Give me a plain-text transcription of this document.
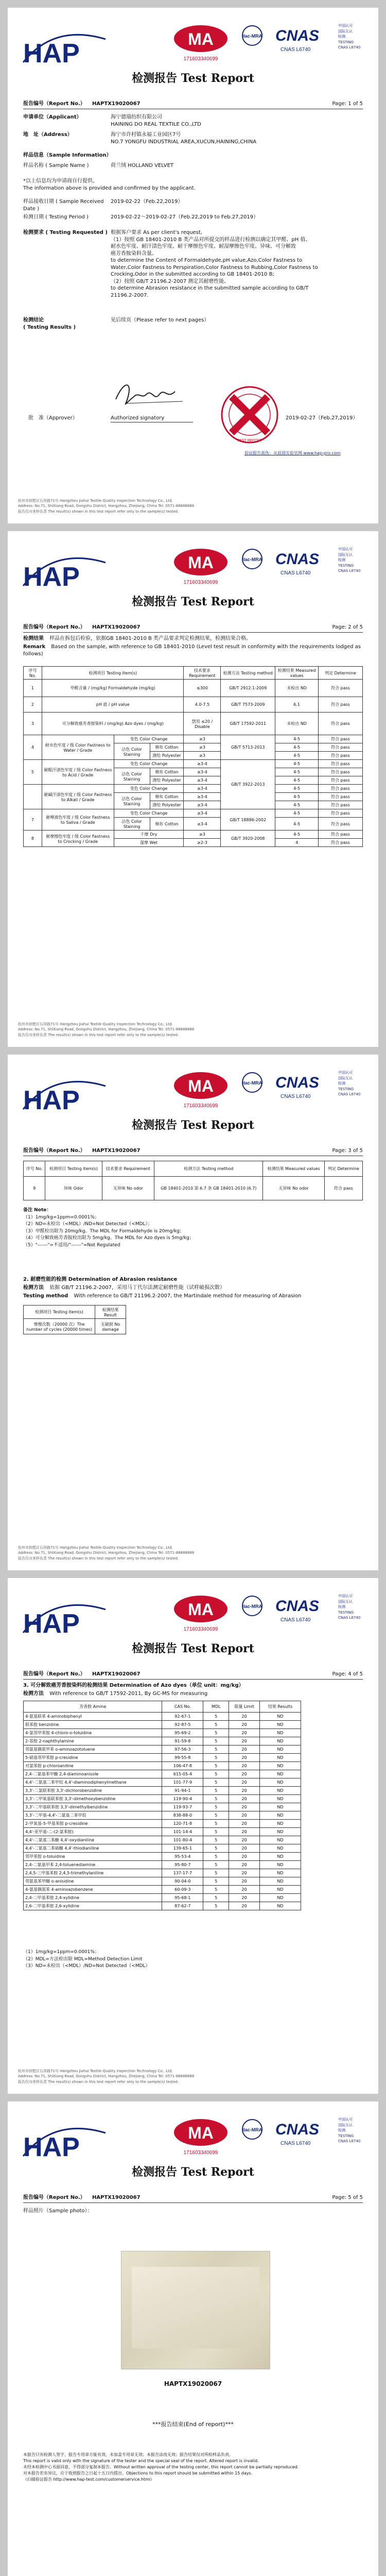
HAP	MA
171603340699
ilac-MRA CNAS
CNAS L6740
中国认可
国际互认
检测
TESTING
CNAS L6740
检测报告 Test Report
报告编号（Report No.） HAPTX19020067	Page: 1 of 5
申请单位（Applicant）	海宁德瑞纺织有限公司
HAINING DO REAL TEXTILE CO.,LTD
地　址（Address）	海宁市许村镇永福工业园区7号
NO.7 YONGFU INDUSTRIAL AREA,XUCUN,HAINING,CHINA
样品信息（Sample Information）
样品名称 ( Sample Name )	荷兰绒 HOLLAND VELVET
*以上信息均为申请商自行提供。
The information above is provided and confirmed by the applicant.
样品接收日期 ( Sample Received Date )
2019-02-22（Feb.22,2019）
检测日期 ( Testing Period )	2019-02-22～2019-02-27（Feb.22,2019 to Feb.27,2019）
检测要求 ( Testing Requested ) 根据客户要求 As per client's request,
（1）按照 GB 18401-2010 B 类产品对所提交的样品进行检测以确定其甲醛、pH 值、
耐水色牢度、耐汗渍色牢度、耐干摩擦色牢度、耐湿摩擦色牢度、异味、可分解致
癌芳香胺染料含量。
to determine the Content of Formaldehyde,pH value,Azo,Color Fastness to
Water,Color Fastness to Perspiration,Color Fastness to Rubbing,Color Fastness to
Crocking,Odor in the submitted according to GB 18401-2010 B;
（2）按照 GB/T 21196.2-2007 测定其耐磨性能。
to determine Abrasion resistance in the submitted sample according to GB/T
21196.2-2007.
检测结论
( Testing Results )
见后续页（Please refer to next pages）
批　准（Approver）	Authorized signatory
TEST REPORT
2019-02-27（Feb.27,2019）
验证报告真伪：从底部实验官网 www.hap-pro.com
杭州市拱墅区石祥路71号 Hangzhou Jiahui Textile Quality Inspection Technology Co., Ltd.
Address: No.71, ShiXiang Road, Gongshu District, Hangzhou, Zhejiang, China Tel: 0571-88888888
报告仅对来样负责 The result(s) shown in this test report refer only to the sample(s) tested.
HAP	MA
171603340699
ilac-MRA CNAS
CNAS L6740
中国认可
国际互认
检测
TESTING
CNAS L6740
检测报告 Test Report
报告编号（Report No.） HAPTX19020067	Page: 2 of 5
检测结果 样品在拆包后检验，依据GB 18401-2010 B 类产品要求判定检测结果，检测结果合格。
Remark Based on the sample, with reference to GB 18401-2010 (Level test result in conformity with the requirements lodged as follows)
序号 No.	检测项目 Testing item(s)			技术要求 Requirement	检测方法 Testing method	检测结果 Measured values	判定 Determine
1	甲醛含量 / (mg/kg) Formaldehyde (mg/kg)			≤300	GB/T 2912.1-2009	未检出 ND	符合 pass
2	pH 值 / pH value			4.0-7.5	GB/T 7573-2009	6.1	符合 pass
3	可分解致癌芳香胺染料 / (mg/kg) Azo dyes / (mg/kg)			禁用 ≤20 / Disable	GB/T 17592-2011	未检出 ND	符合 pass
4	耐水色牢度 / 级 Color Fastness to Water / Grade	变色 Color Change		≥3	GB/T 5713-2013	4-5	符合 pass
		沾色 Color Staining	棉布 Cotton	≥3		4-5	符合 pass
			涤纶 Polyester	≥3		4-5	符合 pass
5	耐酸汗渍色牢度 / 级 Color Fastness to Acid / Grade	变色 Color Change		≥3-4	GB/T 3922-2013	4-5	符合 pass
		沾色 Color Staining	棉布 Cotton	≥3-4		4-5	符合 pass
			涤纶 Polyester	≥3-4		4-5	符合 pass
	耐碱汗渍色牢度 / 级 Color Fastness to Alkali / Grade	变色 Color Change		≥3-4		4-5	符合 pass
		沾色 Color Staining	棉布 Cotton	≥3-4		4-5	符合 pass
			涤纶 Polyester	≥3-4		4-5	符合 pass
7	耐唾液色牢度 / 级 Color Fastness to Saliva / Grade	变色 Color Change		≥3-4	GB/T 18886-2002	4-5	符合 pass
		沾色 Color Staining	棉布 Cotton	≥3-4		4-5	符合 pass
8	耐摩擦色牢度 / 级 Color Fastness to Crocking / Grade	干摩 Dry		≥3	GB/T 3920-2008	4-5	符合 pass
		湿摩 Wet		≥2-3		4	符合 pass
杭州市拱墅区石祥路71号 Hangzhou Jiahui Textile Quality Inspection Technology Co., Ltd.
Address: No.71, ShiXiang Road, Gongshu District, Hangzhou, Zhejiang, China Tel: 0571-88888888
报告仅对来样负责 The result(s) shown in this test report refer only to the sample(s) tested.
HAP	MA
171603340699
ilac-MRA CNAS
CNAS L6740
中国认可
国际互认
检测
TESTING
CNAS L6740
检测报告 Test Report
报告编号（Report No.） HAPTX19020067	Page: 3 of 5
序号 No.	检测项目 Testing item(s)	技术要求 Requirement	检测方法 Testing method	检测结果 Measured values	判定 Determine
9	异味 Odor	无异味 No odor	GB 18401-2010 第 6.7 条 GB 18401-2010 (6.7)	无异味 No odor	符合 pass
备注 Note：
（1）1mg/kg=1ppm=0.0001%；
（2）ND=未检出（<MDL）/ND=Not Detected（<MDL）；
（3）甲醛检出限为 20mg/kg。The MDL for Formaldehyde is 20mg/kg；
（4）可分解致癌芳香胺检出限为 5mg/kg。The MDL for Azo dyes is 5mg/kg；
（5）"------"=不适用/"------"=Not Regulated
2. 耐磨性能的检测 Determination of Abrasion resistance
检测方法 依据 GB/T 21196.2-2007，采用马丁代尔法测定耐磨性能（试样破损次数）
Testing method With reference to GB/T 21196.2-2007, the Martindale method for measuring of Abrasion
检测项目 Testing item(s)	检测结果 Result
摩擦次数（20000 次）The number of cycles (20000 times)	无破损 No damage
杭州市拱墅区石祥路71号 Hangzhou Jiahui Textile Quality Inspection Technology Co., Ltd.
Address: No.71, ShiXiang Road, Gongshu District, Hangzhou, Zhejiang, China Tel: 0571-88888888
报告仅对来样负责 The result(s) shown in this test report refer only to the sample(s) tested.
HAP	MA
171603340699
ilac-MRA CNAS
CNAS L6740
中国认可
国际互认
检测
TESTING
CNAS L6740
检测报告 Test Report
报告编号（Report No.） HAPTX19020067	Page: 4 of 5
3. 可分解致癌芳香胺染料的检测结果 Determination of Azo dyes（单位 unit：mg/kg）
检测方法 With reference to GB/T 17592-2011, By GC-MS for measuring
芳香胺 Amine	CAS No.	MDL	限量 Limit	结果 Results
4-氨基联苯 4-aminobiphenyl	92-67-1	5	20	ND
联苯胺 benzidine	92-87-5	5	20	ND
4-氯邻甲苯胺 4-chloro-o-toluidine	95-69-2	5	20	ND
2-萘胺 2-naphthylamine	91-59-8	5	20	ND
邻氨基偶氮甲苯 o-aminoazotoluene	97-56-3	5	20	ND
5-硝基邻甲苯胺 p-cresidine	99-55-8	5	20	ND
对氯苯胺 p-chloroaniline	106-47-8	5	20	ND
2,4-二氨基苯甲醚 2,4-diaminoanisole	615-05-4	5	20	ND
4,4'-二氨基二苯甲烷 4,4'-diaminodiphenylmethane	101-77-9	5	20	ND
3,3'-二氯联苯胺 3,3'-dichlorobenzidine	91-94-1	5	20	ND
3,3'-二甲氧基联苯胺 3,3'-dimethoxybenzidine	119-90-4	5	20	ND
3,3'-二甲基联苯胺 3,3'-dimethylbenzidine	119-93-7	5	20	ND
3,3'-二甲基-4,4'-二氨基二苯甲烷	838-88-0	5	20	ND
2-甲氧基-5-甲基苯胺 p-cresidine	120-71-8	5	20	ND
4,4'-亚甲基-二-(2-氯苯胺)	101-14-4	5	20	ND
4,4'-二氨基二苯醚 4,4'-oxydianiline	101-80-4	5	20	ND
4,4'-二氨基二苯硫醚 4,4'-thiodianiline	139-65-1	5	20	ND
邻甲苯胺 o-toluidine	95-53-4	5	20	ND
2,4-二氨基甲苯 2,4-toluenediamine	95-80-7	5	20	ND
2,4,5-三甲基苯胺 2,4,5-trimethylaniline	137-17-7	5	20	ND
邻氨基苯甲醚 o-anisidine	90-04-0	5	20	ND
4-氨基偶氮苯 4-aminoazobenzene	60-09-3	5	20	ND
2,4-二甲基苯胺 2,4-xylidine	95-68-1	5	20	ND
2,6-二甲基苯胺 2,6-xylidine	87-62-7	5	20	ND
（1）1mg/kg=1ppm=0.0001%；
（2）MDL=方法检出限 MDL=Method Detection Limit
（3）ND=未检出（<MDL）/ND=Not Detected（<MDL）
杭州市拱墅区石祥路71号 Hangzhou Jiahui Textile Quality Inspection Technology Co., Ltd.
Address: No.71, ShiXiang Road, Gongshu District, Hangzhou, Zhejiang, China Tel: 0571-88888888
报告仅对来样负责 The result(s) shown in this test report refer only to the sample(s) tested.
HAP	MA
171603340699
ilac-MRA CNAS
CNAS L6740
中国认可
国际互认
检测
TESTING
CNAS L6740
检测报告 Test Report
报告编号（Report No.） HAPTX19020067	Page: 5 of 5
样品照片（Sample photo）：
HAPTX19020067
***报告结束(End of report)***
本报告只有检测人签字、报告专用章方能有效，未加盖专用章无效；本报告涂改无效；报告结果仅对所检样品负责。
This report is valid only with the signature of the tester and the special seal of the report. Altered report is invalid.
未经本检测中心书面同意，不得部分复制本报告。Without written approval of the testing center, this report cannot be partially reproduced.
对本报告若有异议，应于收到报告之日起十五日内提出。Objections to this report should be submitted within 15 days.
（扫描验证报告 http://www.hap-test.com/customerservice.html）
